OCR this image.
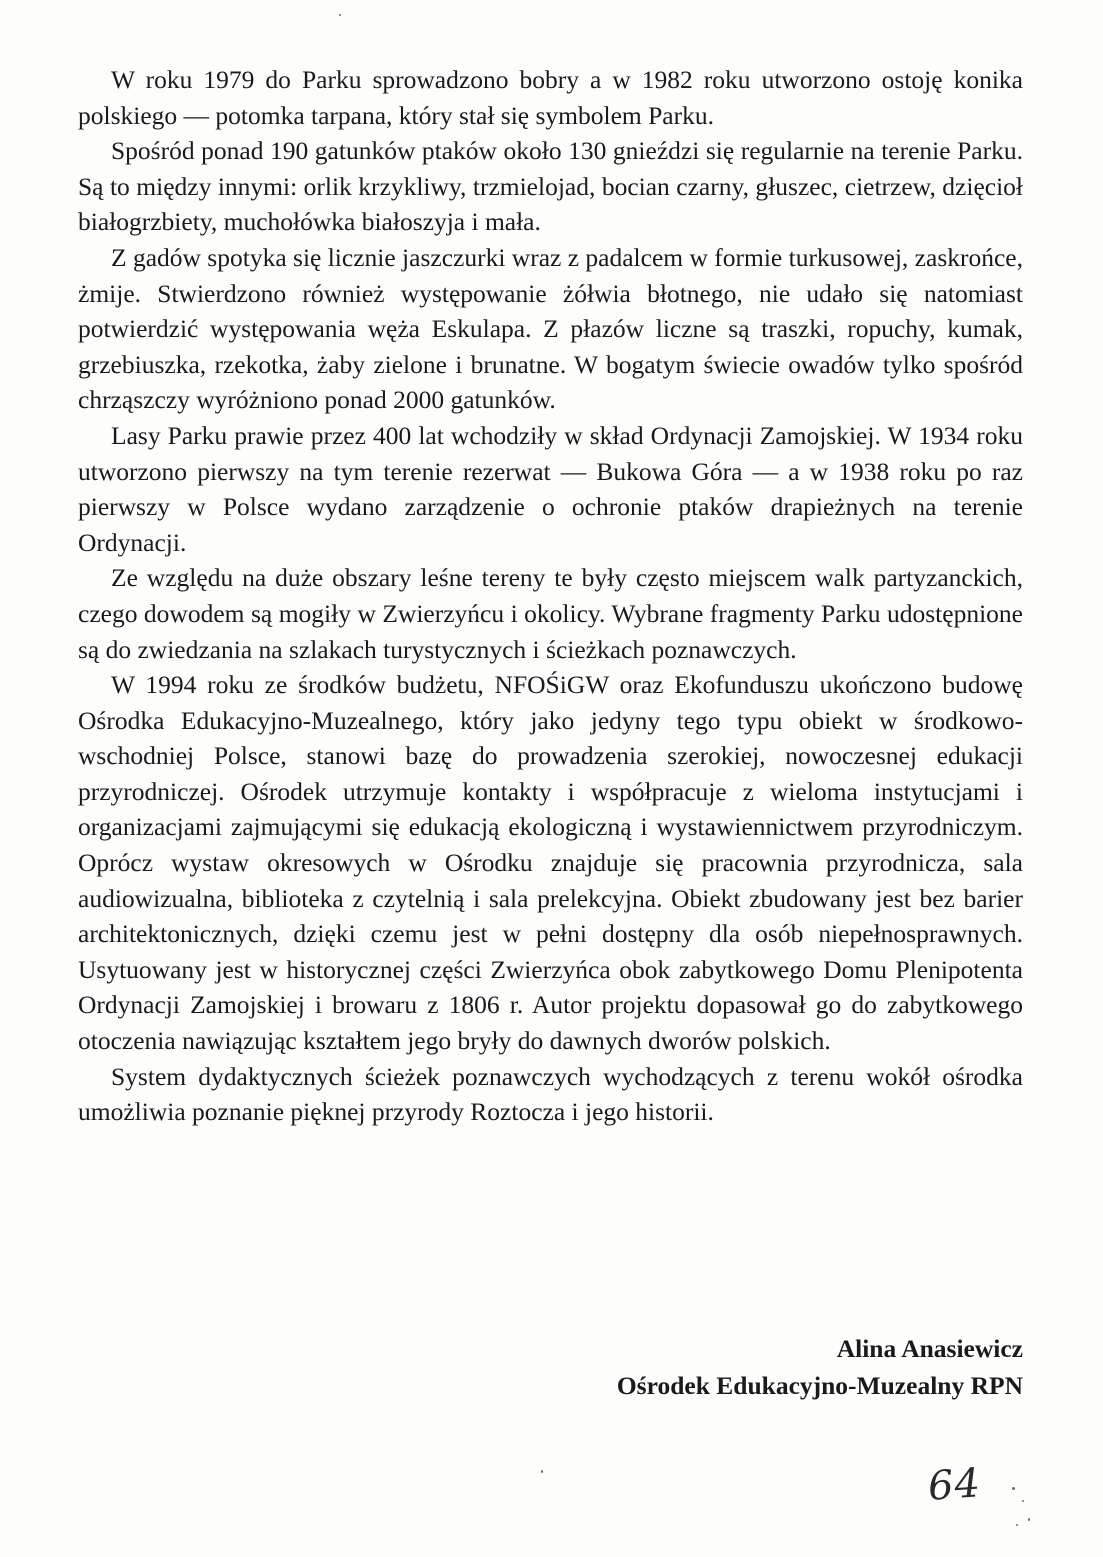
W roku 1979 do Parku sprowadzono bobry a w 1982 roku utworzono ostoję konika polskiego — potomka tarpana, który stał się symbolem Parku.

Spośród ponad 190 gatunków ptaków około 130 gnieździ się regularnie na terenie Parku. Są to między innymi: orlik krzykliwy, trzmielojad, bocian czarny, głuszec, cietrzew, dzięcioł białogrzbiety, muchołówka białoszyja i mała.

Z gadów spotyka się licznie jaszczurki wraz z padalcem w formie turkusowej, zaskrońce, żmije. Stwierdzono również występowanie żółwia błotnego, nie udało się natomiast potwierdzić występowania węża Eskulapa. Z płazów liczne są traszki, ropuchy, kumak, grzebiuszka, rzekotka, żaby zielone i brunatne. W bogatym świecie owadów tylko spośród chrząszczy wyróżniono ponad 2000 gatunków.

Lasy Parku prawie przez 400 lat wchodziły w skład Ordynacji Zamojskiej. W 1934 roku utworzono pierwszy na tym terenie rezerwat — Bukowa Góra — a w 1938 roku po raz pierwszy w Polsce wydano zarządzenie o ochronie ptaków drapieżnych na terenie Ordynacji.

Ze względu na duże obszary leśne tereny te były często miejscem walk partyzanckich, czego dowodem są mogiły w Zwierzyńcu i okolicy. Wybrane fragmenty Parku udostępnione są do zwiedzania na szlakach turystycznych i ścieżkach poznawczych.

W 1994 roku ze środków budżetu, NFOŚiGW oraz Ekofunduszu ukończono budowę Ośrodka Edukacyjno-Muzealnego, który jako jedyny tego typu obiekt w środkowo-wschodniej Polsce, stanowi bazę do prowadzenia szerokiej, nowoczesnej edukacji przyrodniczej. Ośrodek utrzymuje kontakty i współpracuje z wieloma instytucjami i organizacjami zajmującymi się edukacją ekologiczną i wystawiennictwem przyrodniczym. Oprócz wystaw okresowych w Ośrodku znajduje się pracownia przyrodnicza, sala audiowizualna, biblioteka z czytelnią i sala prelekcyjna. Obiekt zbudowany jest bez barier architektonicznych, dzięki czemu jest w pełni dostępny dla osób niepełnosprawnych. Usytuowany jest w historycznej części Zwierzyńca obok zabytkowego Domu Plenipotenta Ordynacji Zamojskiej i browaru z 1806 r. Autor projektu dopasował go do zabytkowego otoczenia nawiązując kształtem jego bryły do dawnych dworów polskich.

System dydaktycznych ścieżek poznawczych wychodzących z terenu wokół ośrodka umożliwia poznanie pięknej przyrody Roztocza i jego historii.

Alina Anasiewicz
Ośrodek Edukacyjno-Muzealny RPN
64
